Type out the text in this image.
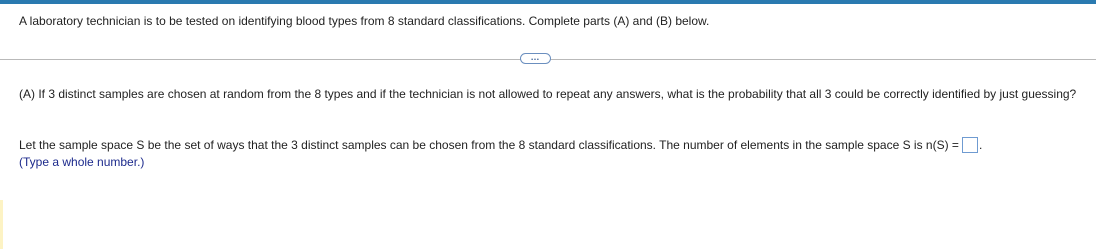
A laboratory technician is to be tested on identifying blood types from 8 standard classifications. Complete parts (A) and (B) below.
…
(A) If 3 distinct samples are chosen at random from the 8 types and if the technician is not allowed to repeat any answers, what is the probability that all 3 could be correctly identified by just guessing?
Let the sample space S be the set of ways that the 3 distinct samples can be chosen from the 8 standard classifications. The number of elements in the sample space S is n(S) = .
(Type a whole number.)
